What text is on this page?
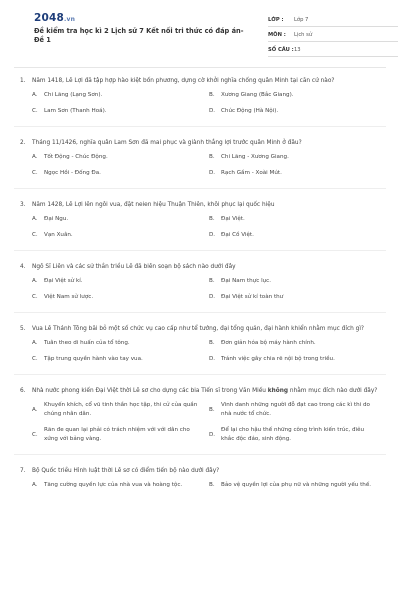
2048.vn
Đề kiểm tra học kì 2 Lịch sử 7 Kết nối tri thức có đáp án- Đề 1
LỚP :	Lớp 7
MÔN :	Lịch sử
SỐ CÂU : 13
1.	Năm 1418, Lê Lợi đã tập hợp hào kiệt bốn phương, dựng cờ khởi nghĩa chống quân Minh tại căn cứ nào?
A.	Chi Lăng (Lạng Sơn).	B.	Xương Giang (Bắc Giang).
C.	Lam Sơn (Thanh Hoá).	D.	Chúc Động (Hà Nội).
2.	Tháng 11/1426, nghĩa quân Lam Sơn đã mai phục và giành thắng lợi trước quân Minh ở đâu?
A.	Tốt Động - Chúc Động.	B.	Chi Lăng - Xương Giang.
C.	Ngọc Hồi - Đống Đa.	D.	Rạch Gầm - Xoài Mút.
3.	Năm 1428, Lê Lợi lên ngôi vua, đặt neien hiệu Thuận Thiên, khôi phục lại quốc hiệu
A.	Đại Ngu.	B.	Đại Việt.
C.	Vạn Xuân.	D.	Đại Cồ Việt.
4.	Ngô Sĩ Liên và các sử thần triều Lê đã biên soạn bộ sách nào dưới đây
A.	Đại Việt sử kí.	B.	Đại Nam thực lục.
C.	Việt Nam sử lược.	D.	Đại Việt sử kí toàn thư
5.	Vua Lê Thánh Tông bãi bỏ một số chức vụ cao cấp như tể tướng, đại tổng quản, đại hành khiển nhằm mục đích gì?
A.	Tuân theo di huấn của tổ tông.	B.	Đơn giản hóa bộ máy hành chính.
C.	Tập trung quyền hành vào tay vua.	D.	Tránh việc gây chia rẽ nội bộ trong triều.
6.	Nhà nước phong kiến Đại Việt thời Lê sơ cho dựng các bia Tiến sĩ trong Văn Miếu không nhằm mục đích nào dưới đây?
A.
Khuyến khích, cổ vũ tinh thần học tập, thi cử của quần chúng nhân dân.
B.
Vinh danh những người đỗ đạt cao trong các kì thi do nhà nước tổ chức.
C.
Răn đe quan lại phải có trách nhiệm với với dân cho xứng với bảng vàng.
D.
Để lại cho hậu thế những công trình kiến trúc, điêu khắc độc đáo, sinh động.
7.	Bộ Quốc triều Hình luật thời Lê sơ có điểm tiến bộ nào dưới đây?
A.	Tăng cường quyền lực của nhà vua và hoàng tộc.	B.	Bảo vệ quyền lợi của phụ nữ và những người yếu thế.
